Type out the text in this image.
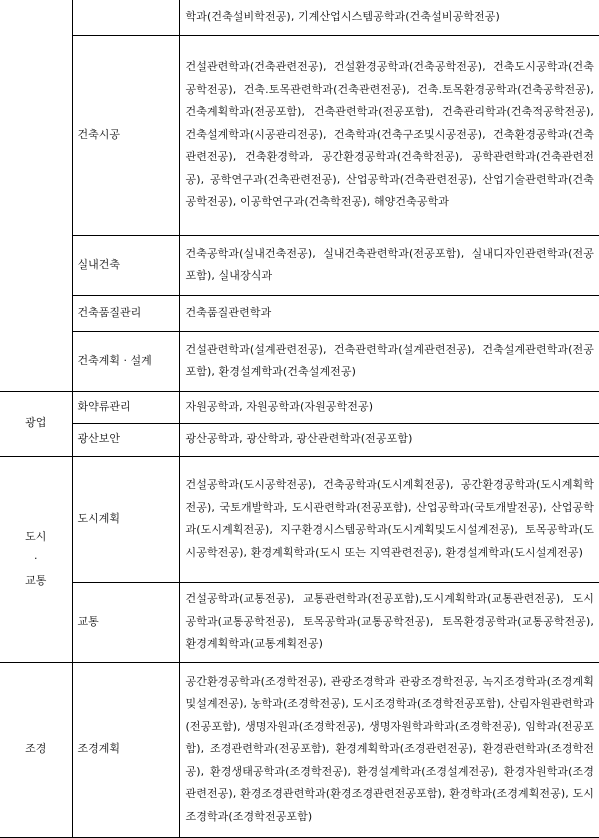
		학과(건축설비학전공), 기계산업시스템공학과(건축설비공학전공)
	건축시공	건설관련학과(건축관련전공), 건설환경공학과(건축공학전공), 건축도시공학과(건축공학전공), 건축.토목관련학과(건축관련전공), 건축.토목환경공학과(건축공학전공), 건축계획학과(전공포함), 건축관련학과(전공포함), 건축관리학과(건축적공학전공), 건축설계학과(시공관리전공), 건축학과(건축구조및시공전공), 건축환경공학과(건축관련전공), 건축환경학과, 공간환경공학과(건축학전공), 공학관련학과(건축관련전공), 공학연구과(건축관련전공), 산업공학과(건축관련전공), 산업기술관련학과(건축공학전공), 이공학연구과(건축학전공), 해양건축공학과
	실내건축	건축공학과(실내건축전공), 실내건축관련학과(전공포함), 실내디자인관련학과(전공포함), 실내장식과
	건축품질관리	건축품질관련학과
	건축계획 · 설계	건설관련학과(설계관련전공), 건축관련학과(설계관련전공), 건축설계관련학과(전공포함), 환경설계학과(건축설계전공)
광업	화약류관리	자원공학과, 자원공학과(자원공학전공)
	광산보안	광산공학과, 광산학과, 광산관련학과(전공포함)

도시
·
교통	도시계획	건설공학과(도시공학전공), 건축공학과(도시계획전공), 공간환경공학과(도시계획학전공), 국토개발학과, 도시관련학과(전공포함), 산업공학과(국토개발전공), 산업공학과(도시계획전공), 지구환경시스템공학과(도시계획및도시설계전공), 토목공학과(도시공학전공), 환경계획학과(도시 또는 지역관련전공), 환경설계학과(도시설계전공)
	교통	건설공학과(교통전공), 교통관련학과(전공포함),도시계획학과(교통관련전공), 도시공학과(교통공학전공), 토목공학과(교통공학전공), 토목환경공학과(교통공학전공), 환경계획학과(교통계획전공)
조경	조경계획	공간환경공학과(조경학전공), 관광조경학과 관광조경학전공, 녹지조경학과(조경계획및설계전공), 농학과(조경학전공), 도시조경학과(조경학전공포함), 산림자원관련학과(전공포함), 생명자원과(조경학전공), 생명자원학과학과(조경학전공), 임학과(전공포함), 조경관련학과(전공포함), 환경계획학과(조경관련전공), 환경관련학과(조경학전공), 환경생태공학과(조경학전공), 환경설계학과(조경설계전공), 환경자원학과(조경관련전공), 환경조경관련학과(환경조경관련전공포함), 환경학과(조경계획전공), 도시조경학과(조경학전공포함)
